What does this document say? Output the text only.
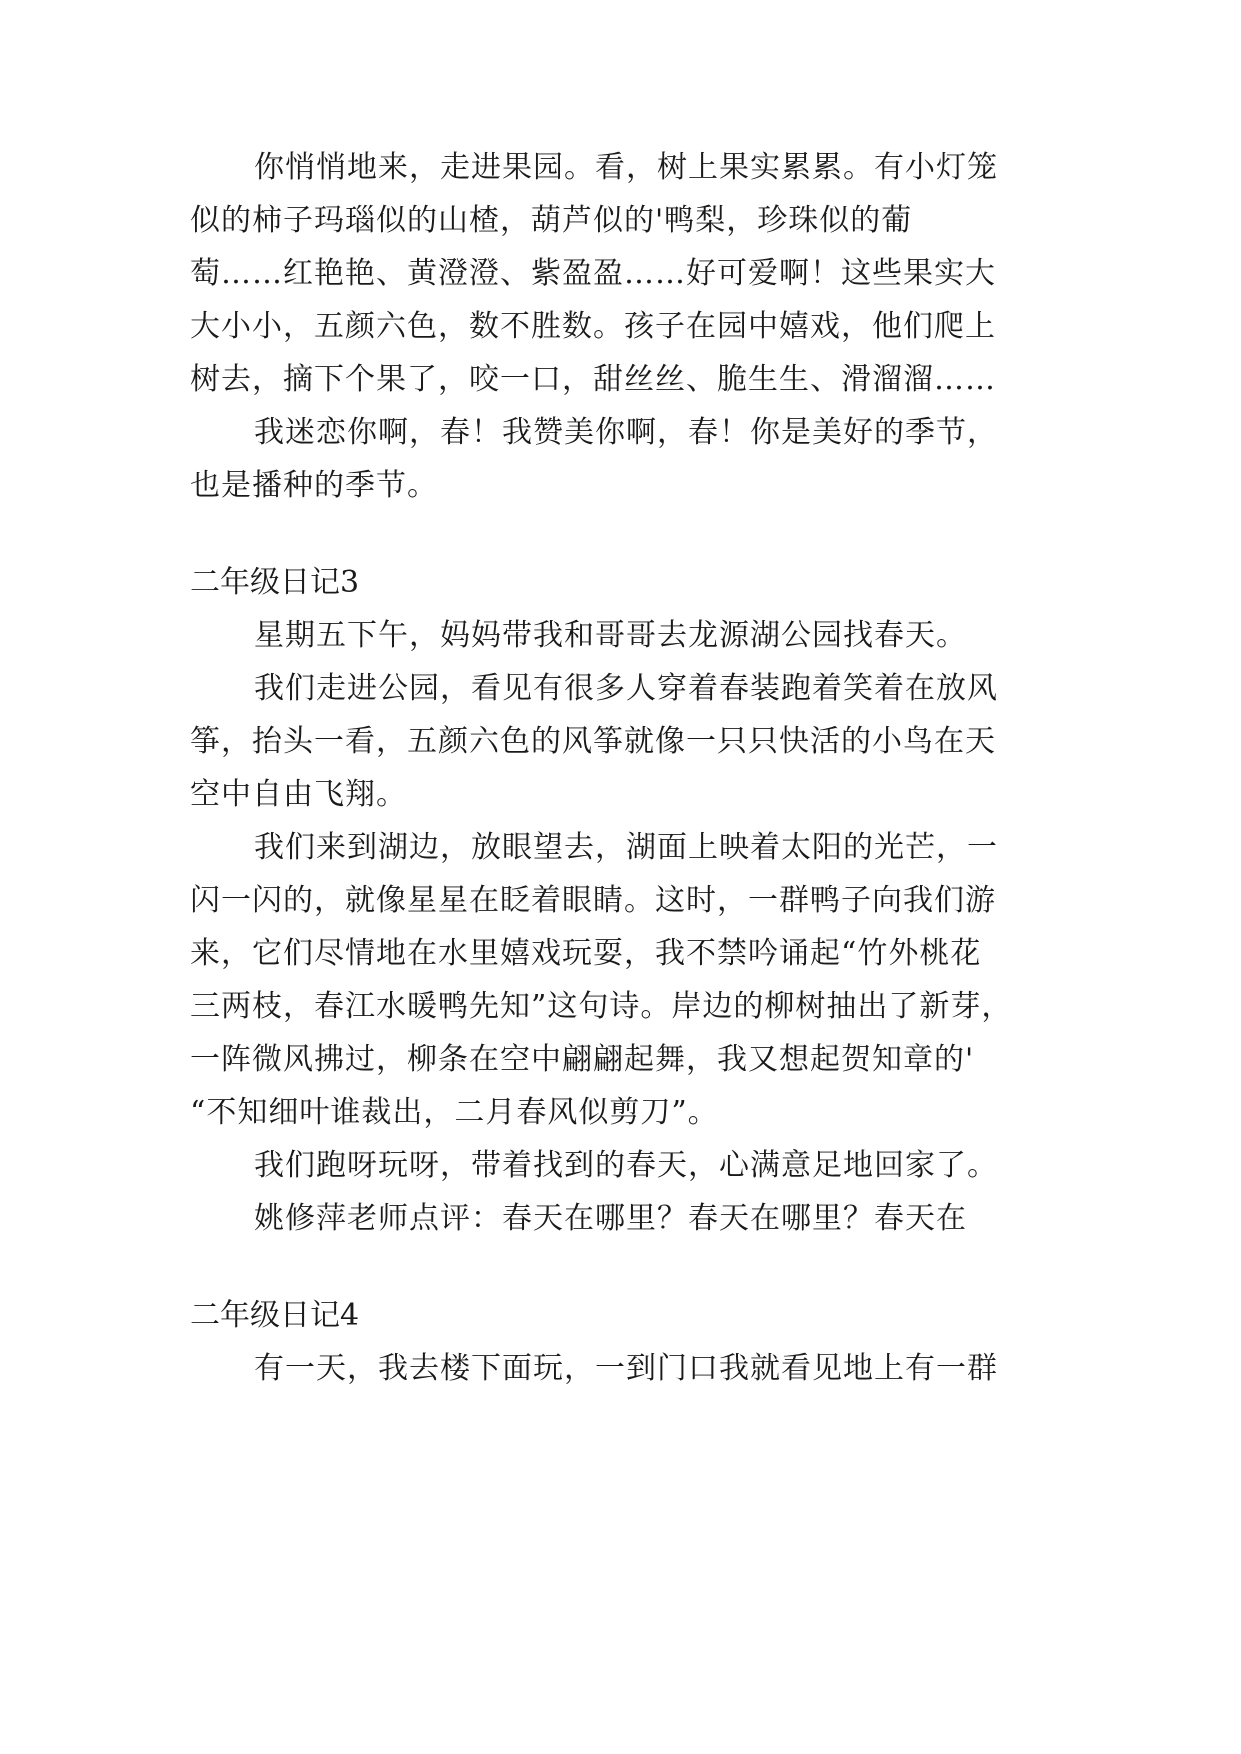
你悄悄地来，走进果园。看，树上果实累累。有小灯笼
似的柿子玛瑙似的山楂，葫芦似的'鸭梨，珍珠似的葡
萄……红艳艳、黄澄澄、紫盈盈……好可爱啊！这些果实大
大小小，五颜六色，数不胜数。孩子在园中嬉戏，他们爬上
树去，摘下个果了，咬一口，甜丝丝、脆生生、滑溜溜……
我迷恋你啊，春！我赞美你啊，春！你是美好的季节，
也是播种的季节。
二年级日记3
星期五下午，妈妈带我和哥哥去龙源湖公园找春天。
我们走进公园，看见有很多人穿着春装跑着笑着在放风
筝，抬头一看，五颜六色的风筝就像一只只快活的小鸟在天
空中自由飞翔。
我们来到湖边，放眼望去，湖面上映着太阳的光芒，一
闪一闪的，就像星星在眨着眼睛。这时，一群鸭子向我们游
来，它们尽情地在水里嬉戏玩耍，我不禁吟诵起“竹外桃花
三两枝，春江水暖鸭先知”这句诗。岸边的柳树抽出了新芽，
一阵微风拂过，柳条在空中翩翩起舞，我又想起贺知章的'
“不知细叶谁裁出，二月春风似剪刀”。
我们跑呀玩呀，带着找到的春天，心满意足地回家了。
姚修萍老师点评：春天在哪里？春天在哪里？春天在
二年级日记4
有一天，我去楼下面玩，一到门口我就看见地上有一群
